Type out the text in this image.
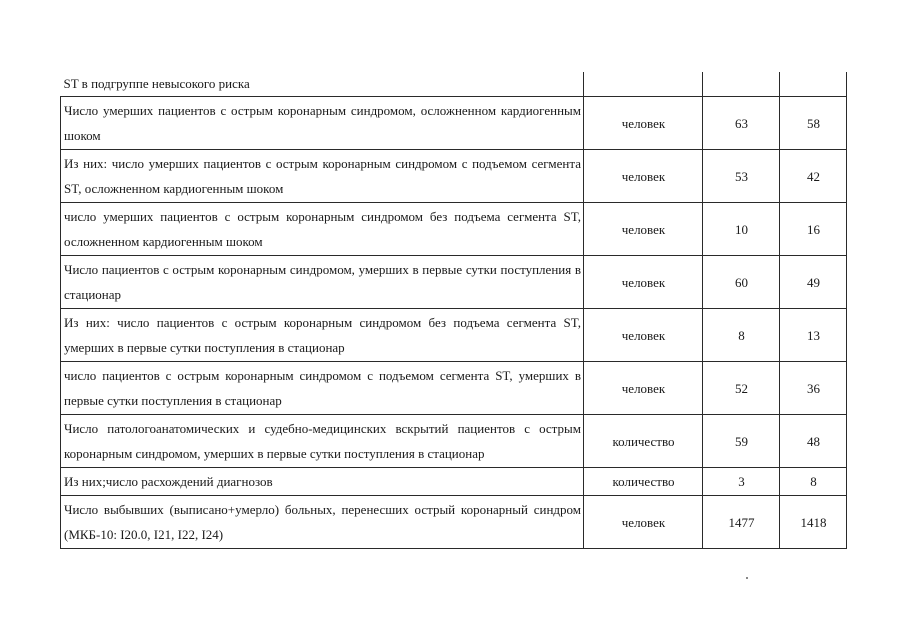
ST в подгруппе невысокого риска			
Число умерших пациентов с острым коронарным синдромом, осложненном кардиогенным шоком	человек	63	58
Из них: число умерших пациентов с острым коронарным синдромом с подъемом сегмента ST, осложненном кардиогенным шоком	человек	53	42
число умерших пациентов с острым коронарным синдромом без подъема сегмента ST, осложненном кардиогенным шоком	человек	10	16
Число пациентов с острым коронарным синдромом, умерших в первые сутки поступления в стационар	человек	60	49
Из них: число пациентов с острым коронарным синдромом без подъема сегмента ST, умерших в первые сутки поступления в стационар	человек	8	13
число пациентов с острым коронарным синдромом с подъемом сегмента ST, умерших в первые сутки поступления в стационар	человек	52	36
Число патологоанатомических и судебно-медицинских вскрытий пациентов с острым коронарным синдромом, умерших в первые сутки поступления в стационар	количество	59	48
Из них;число расхождений диагнозов	количество	3	8
Число выбывших (выписано+умерло) больных, перенесших острый коронарный синдром (МКБ-10: I20.0, I21, I22, I24)	человек	1477	1418
